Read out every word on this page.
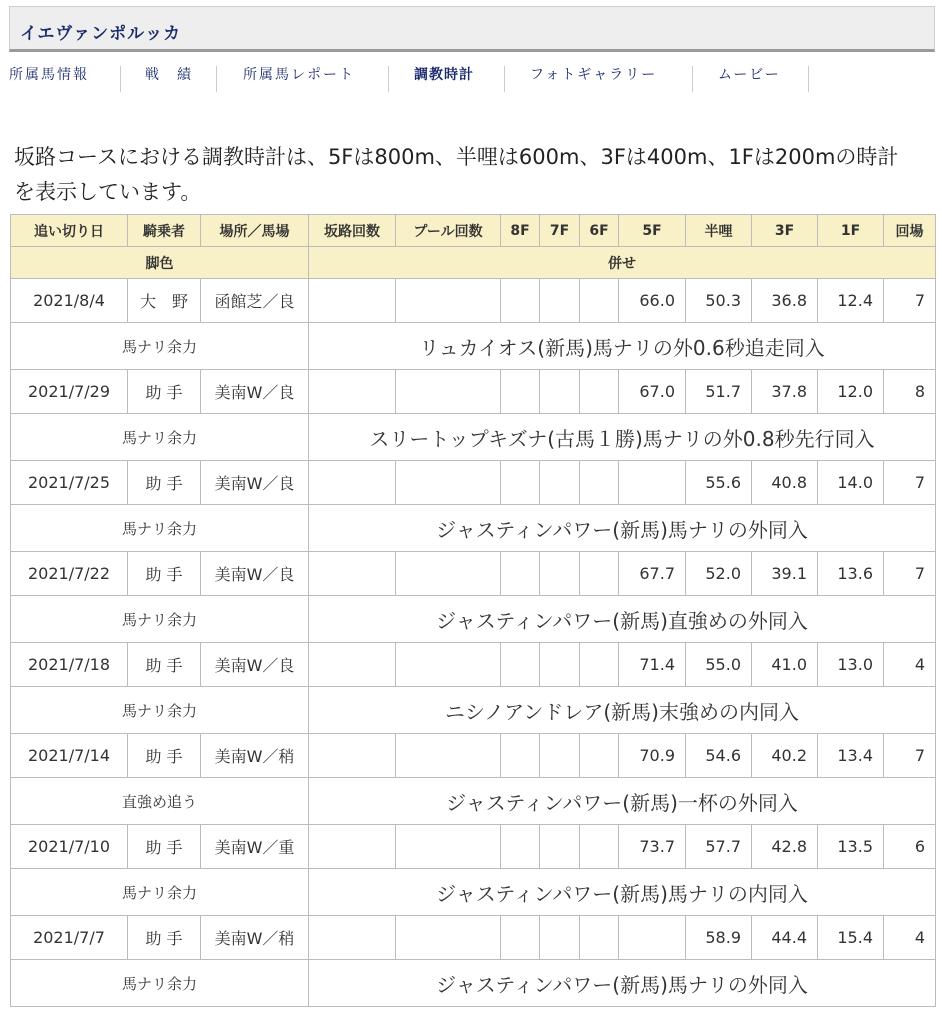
イエヴァンポルッカ
所属馬情報	戦　績	所属馬レポート	調教時計	フォトギャラリー	ムービー
坂路コースにおける調教時計は、5Fは800m、半哩は600m、3Fは400m、1Fは200mの時計を表示しています。
追い切り日	騎乗者	場所／馬場	坂路回数	プール回数	8F	7F	6F	5F	半哩	3F	1F	回場
脚色			併せ									
2021/8/4	大　野	函館芝／良						66.0	50.3	36.8	12.4	7
馬ナリ余力			リュカイオス(新馬)馬ナリの外0.6秒追走同入									
2021/7/29	助 手	美南W／良						67.0	51.7	37.8	12.0	8
馬ナリ余力			スリートップキズナ(古馬１勝)馬ナリの外0.8秒先行同入									
2021/7/25	助 手	美南W／良							55.6	40.8	14.0	7
馬ナリ余力			ジャスティンパワー(新馬)馬ナリの外同入									
2021/7/22	助 手	美南W／良						67.7	52.0	39.1	13.6	7
馬ナリ余力			ジャスティンパワー(新馬)直強めの外同入									
2021/7/18	助 手	美南W／良						71.4	55.0	41.0	13.0	4
馬ナリ余力			ニシノアンドレア(新馬)末強めの内同入									
2021/7/14	助 手	美南W／稍						70.9	54.6	40.2	13.4	7
直強め追う			ジャスティンパワー(新馬)一杯の外同入									
2021/7/10	助 手	美南W／重						73.7	57.7	42.8	13.5	6
馬ナリ余力			ジャスティンパワー(新馬)馬ナリの内同入									
2021/7/7	助 手	美南W／稍							58.9	44.4	15.4	4
馬ナリ余力			ジャスティンパワー(新馬)馬ナリの外同入									
